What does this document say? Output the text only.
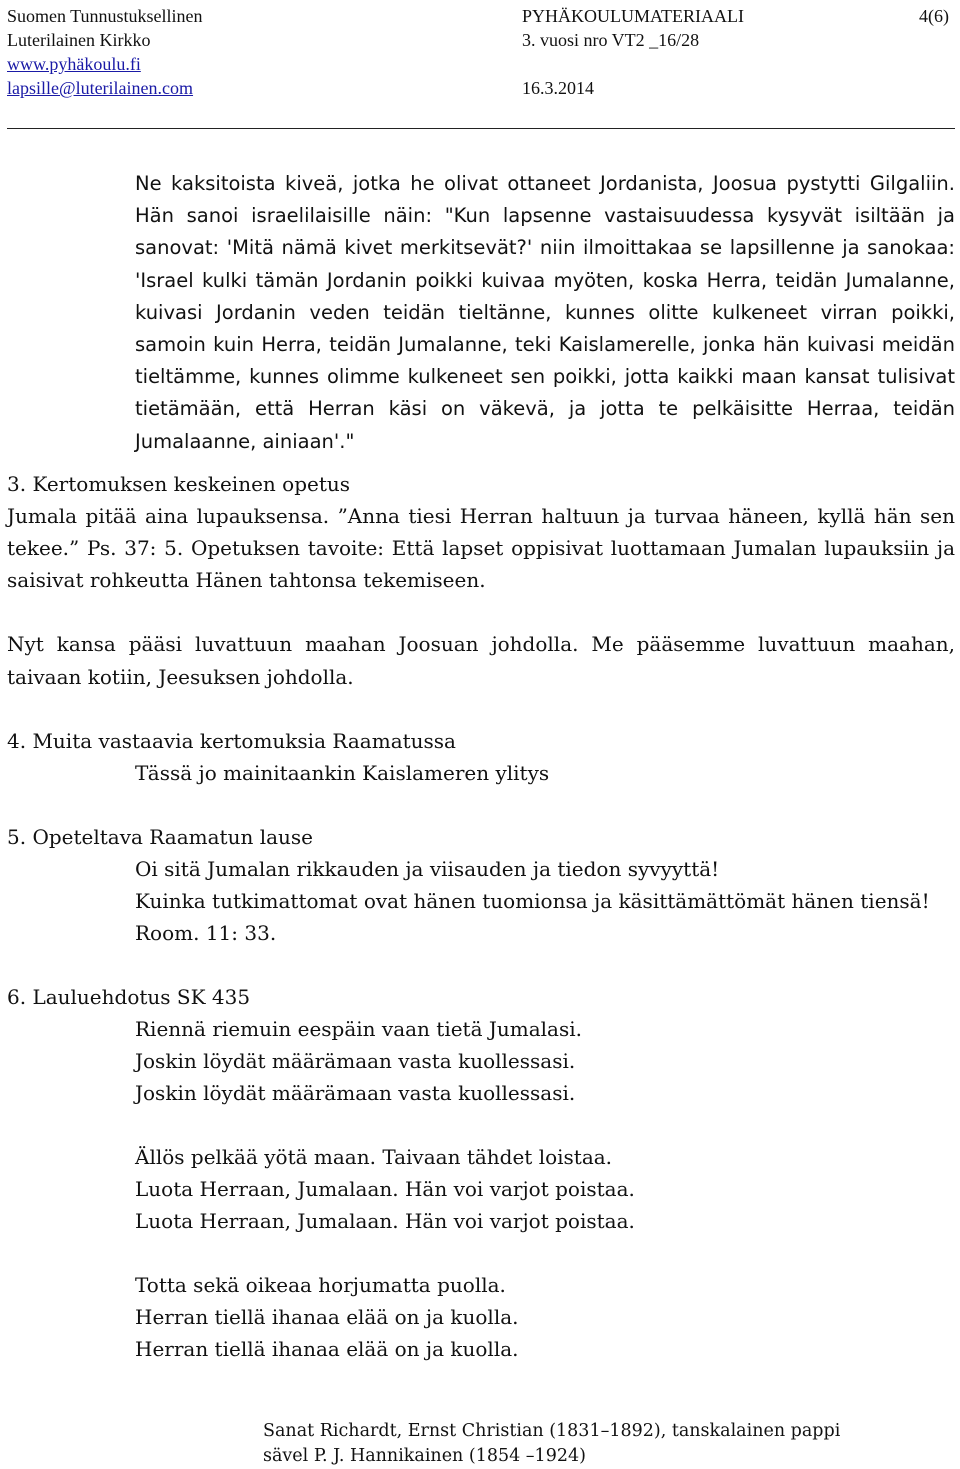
Suomen Tunnustuksellinen	PYHÄKOULUMATERIAALI	4(6)
Luterilainen Kirkko	3. vuosi nro VT2 _16/28
www.pyhäkoulu.fi
lapsille@luterilainen.com	16.3.2014

Ne kaksitoista kiveä, jotka he olivat ottaneet Jordanista, Joosua pystytti Gilgaliin. Hän sanoi israelilaisille näin: "Kun lapsenne vastaisuudessa kysyvät isiltään ja sanovat: 'Mitä nämä kivet merkitsevät?' niin ilmoittakaa se lapsillenne ja sanokaa: 'Israel kulki tämän Jordanin poikki kuivaa myöten, koska Herra, teidän Jumalanne, kuivasi Jordanin veden teidän tieltänne, kunnes olitte kulkeneet virran poikki, samoin kuin Herra, teidän Jumalanne, teki Kaislamerelle, jonka hän kuivasi meidän tieltämme, kunnes olimme kulkeneet sen poikki, jotta kaikki maan kansat tulisivat tietämään, että Herran käsi on väkevä, ja jotta te pelkäisitte Herraa, teidän Jumalaanne, ainiaan'."

3. Kertomuksen keskeinen opetus

Jumala pitää aina lupauksensa. ”Anna tiesi Herran haltuun ja turvaa häneen, kyllä hän sen tekee.” Ps. 37: 5. Opetuksen tavoite: Että lapset oppisivat luottamaan Jumalan lupauksiin ja saisivat rohkeutta Hänen tahtonsa tekemiseen.

Nyt kansa pääsi luvattuun maahan Joosuan johdolla. Me pääsemme luvattuun maahan, taivaan kotiin, Jeesuksen johdolla.

4. Muita vastaavia kertomuksia Raamatussa
Tässä jo mainitaankin Kaislameren ylitys
5. Opeteltava Raamatun lause
Oi sitä Jumalan rikkauden ja viisauden ja tiedon syvyyttä!
Kuinka tutkimattomat ovat hänen tuomionsa ja käsittämättömät hänen tiensä!
Room. 11: 33.
6. Lauluehdotus SK 435
Riennä riemuin eespäin vaan tietä Jumalasi.
Joskin löydät määrämaan vasta kuollessasi.
Joskin löydät määrämaan vasta kuollessasi.
Ällös pelkää yötä maan. Taivaan tähdet loistaa.
Luota Herraan, Jumalaan. Hän voi varjot poistaa.
Luota Herraan, Jumalaan. Hän voi varjot poistaa.
Totta sekä oikeaa horjumatta puolla.
Herran tiellä ihanaa elää on ja kuolla.
Herran tiellä ihanaa elää on ja kuolla.
Sanat Richardt, Ernst Christian (1831–1892), tanskalainen pappi
sävel P. J. Hannikainen (1854 –1924)
